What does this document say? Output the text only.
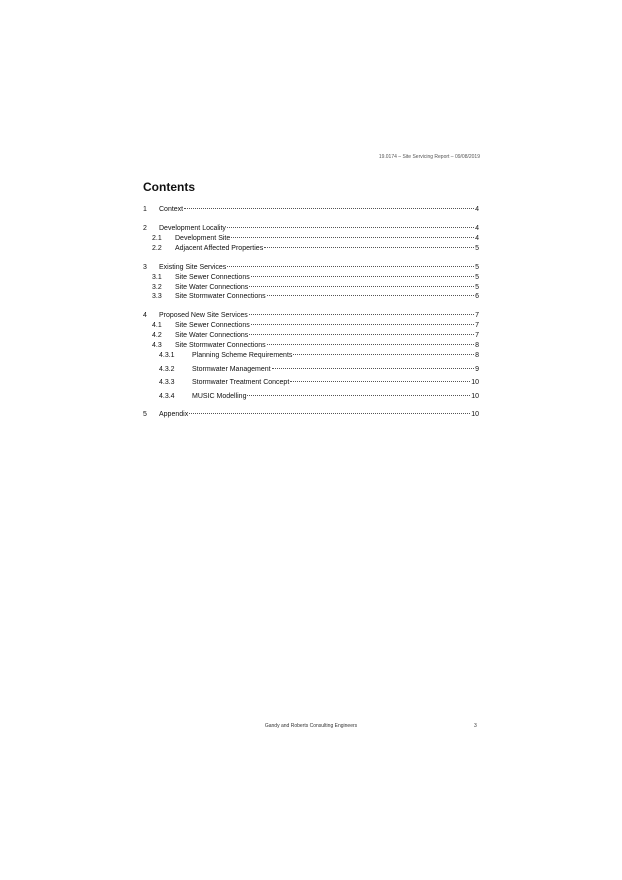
19.0174 – Site Servicing Report – 09/08/2019
Contents
1	Context	4
2	Development Locality	4
2.1	Development Site	4
2.2	Adjacent Affected Properties	5
3	Existing Site Services	5
3.1	Site Sewer Connections	5
3.2	Site Water Connections	5
3.3	Site Stormwater Connections	6
4	Proposed New Site Services	7
4.1	Site Sewer Connections	7
4.2	Site Water Connections	7
4.3	Site Stormwater Connections	8
4.3.1	Planning Scheme Requirements	8
4.3.2	Stormwater Management	9
4.3.3	Stormwater Treatment Concept	10
4.3.4	MUSIC Modelling	10
5	Appendix	10
Gandy and Roberts Consulting Engineers	3
